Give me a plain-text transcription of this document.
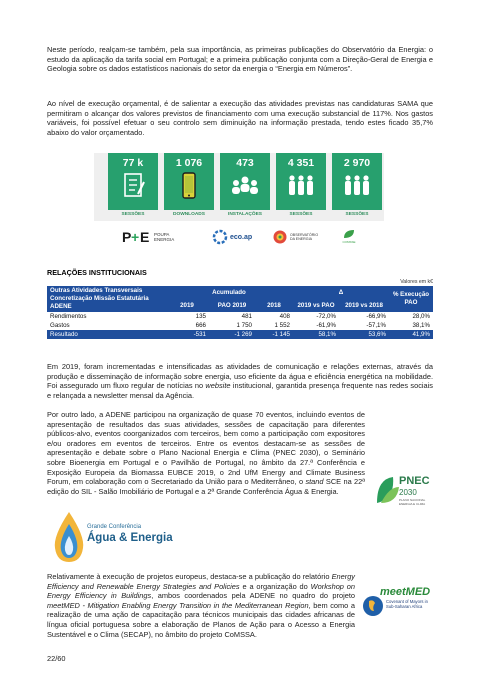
Neste período, realçam-se também, pela sua importância, as primeiras publicações do Observatório da Energia: o estudo da aplicação da tarifa social em Portugal; e a primeira publicação conjunta com a Direção-Geral de Energia e Geologia sobre os dados estatísticos nacionais do setor da energia o “Energia em Números”.

Ao nível de execução orçamental, é de salientar a execução das atividades previstas nas candidaturas SAMA que permitiram o alcançar dos valores previstos de financiamento com uma execução substancial de 117%. Nos gastos variáveis, foi possível efetuar o seu controlo sem diminuição na informação prestada, tendo estes ficado 35,7% abaixo do valor orçamentado.

77 k
SESSÕES
1 076
DOWNLOADS
473
INSTALAÇÕES
4 351
SESSÕES
2 970
SESSÕES
P + E POUPA ENERGIA	eco.ap	OBSERVATÓRIO DA ENERGIA
COMSSE
RELAÇÕES INSTITUCIONAIS
Valores em k€
Outras Atividades Transversais Concretização Missão Estatutária ADENE	Acumulado			Δ		% Execução PAO
	2019	PAO 2019	2018	2019 vs PAO	2019 vs 2018	
Rendimentos	135	481	408	-72,0%	-66,9%	28,0%
Gastos	666	1 750	1 552	-61,9%	-57,1%	38,1%
Resultado	-531	-1 269	-1 145	58,1%	53,6%	41,9%

Em 2019, foram incrementadas e intensificadas as atividades de comunicação e relações externas, através da produção e disseminação de informação sobre energia, uso eficiente da água e eficiência energética na mobilidade. Foi assegurado um fluxo regular de notícias no website institucional, garantida presença frequente nas redes sociais e relançada a newsletter mensal da Agência.

Por outro lado, a ADENE participou na organização de quase 70 eventos, incluindo eventos de apresentação de resultados das suas atividades, sessões de capacitação para diferentes públicos-alvo, eventos coorganizados com terceiros, bem como a participação com expositores e/ou oradores em eventos de terceiros. Entre os eventos destacam-se as sessões de apresentação e debate sobre o Plano Nacional Energia e Clima (PNEC 2030), o Seminário sobre Bioenergia em Portugal e o Pavilhão de Portugal, no âmbito da 27.ª Conferência e Exposição Europeia da Biomassa EUBCE 2019, o 2nd UfM Energy and Climate Business Forum, em colaboração com o Secretariado da União para o Mediterrâneo, o stand SCE na 22ª edição do SIL - Salão Imobiliário de Portugal e a 2ª Grande Conferência Água & Energia.

PNEC
2030
PLANO NACIONAL ENERGIA E CLIMA
Grande Conferência
Água & Energia

Relativamente à execução de projetos europeus, destaca-se a publicação do relatório Energy Efficiency and Renewable Energy Strategies and Policies e a organização do Workshop on Energy Efficiency in Buildings, ambos coordenados pela ADENE no quadro do projeto meetMED - Mitigation Enabling Energy Transition in the Mediterranean Region, bem como a realização de uma ação de capacitação para técnicos municipais das cidades africanas de língua oficial portuguesa sobre a elaboração de Planos de Ação para o Acesso a Energia Sustentável e o Clima (SECAP), no âmbito do projeto CoMSSA.

meetMED
Covenant of Mayors in Sub-Saharan Africa
22/60
